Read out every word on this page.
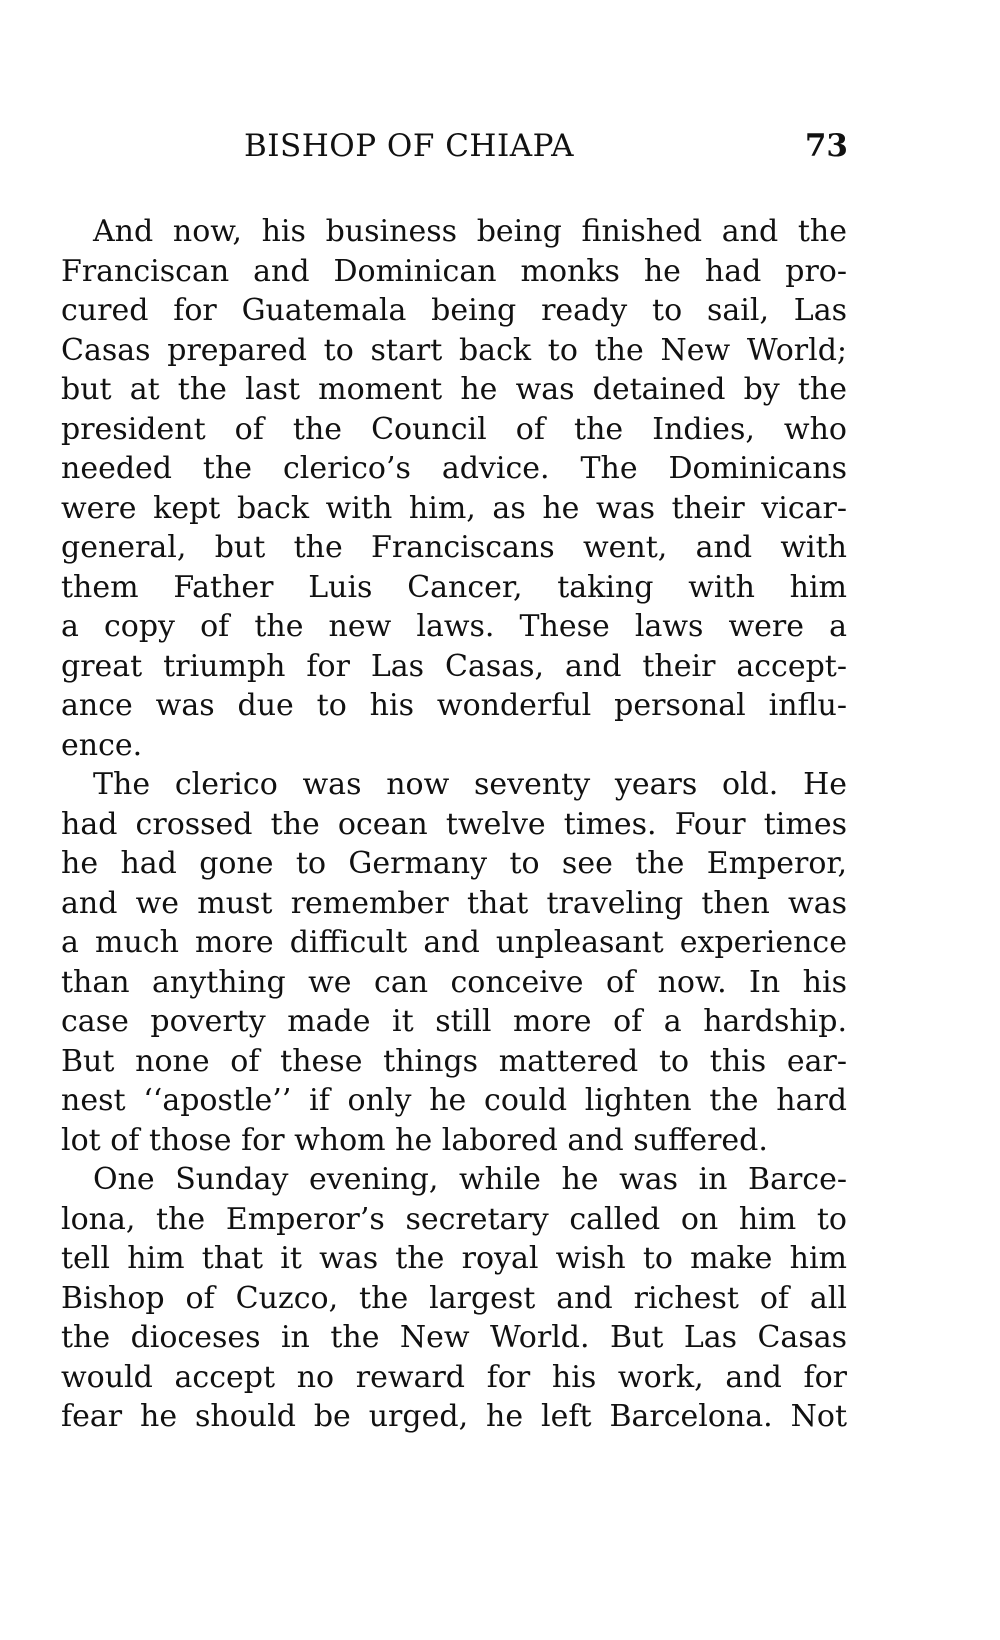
BISHOP OF CHIAPA	73
And now, his business being finished and the
Franciscan and Dominican monks he had pro-
cured for Guatemala being ready to sail, Las
Casas prepared to start back to the New World;
but at the last moment he was detained by the
president of the Council of the Indies, who
needed the clerico’s advice. The Dominicans
were kept back with him, as he was their vicar-
general, but the Franciscans went, and with
them Father Luis Cancer, taking with him
a copy of the new laws. These laws were a
great triumph for Las Casas, and their accept-
ance was due to his wonderful personal influ-
ence.
The clerico was now seventy years old. He
had crossed the ocean twelve times. Four times
he had gone to Germany to see the Emperor,
and we must remember that traveling then was
a much more difficult and unpleasant experience
than anything we can conceive of now. In his
case poverty made it still more of a hardship.
But none of these things mattered to this ear-
nest ‘‘apostle’’ if only he could lighten the hard
lot of those for whom he labored and suffered.
One Sunday evening, while he was in Barce-
lona, the Emperor’s secretary called on him to
tell him that it was the royal wish to make him
Bishop of Cuzco, the largest and richest of all
the dioceses in the New World. But Las Casas
would accept no reward for his work, and for
fear he should be urged, he left Barcelona. Not
